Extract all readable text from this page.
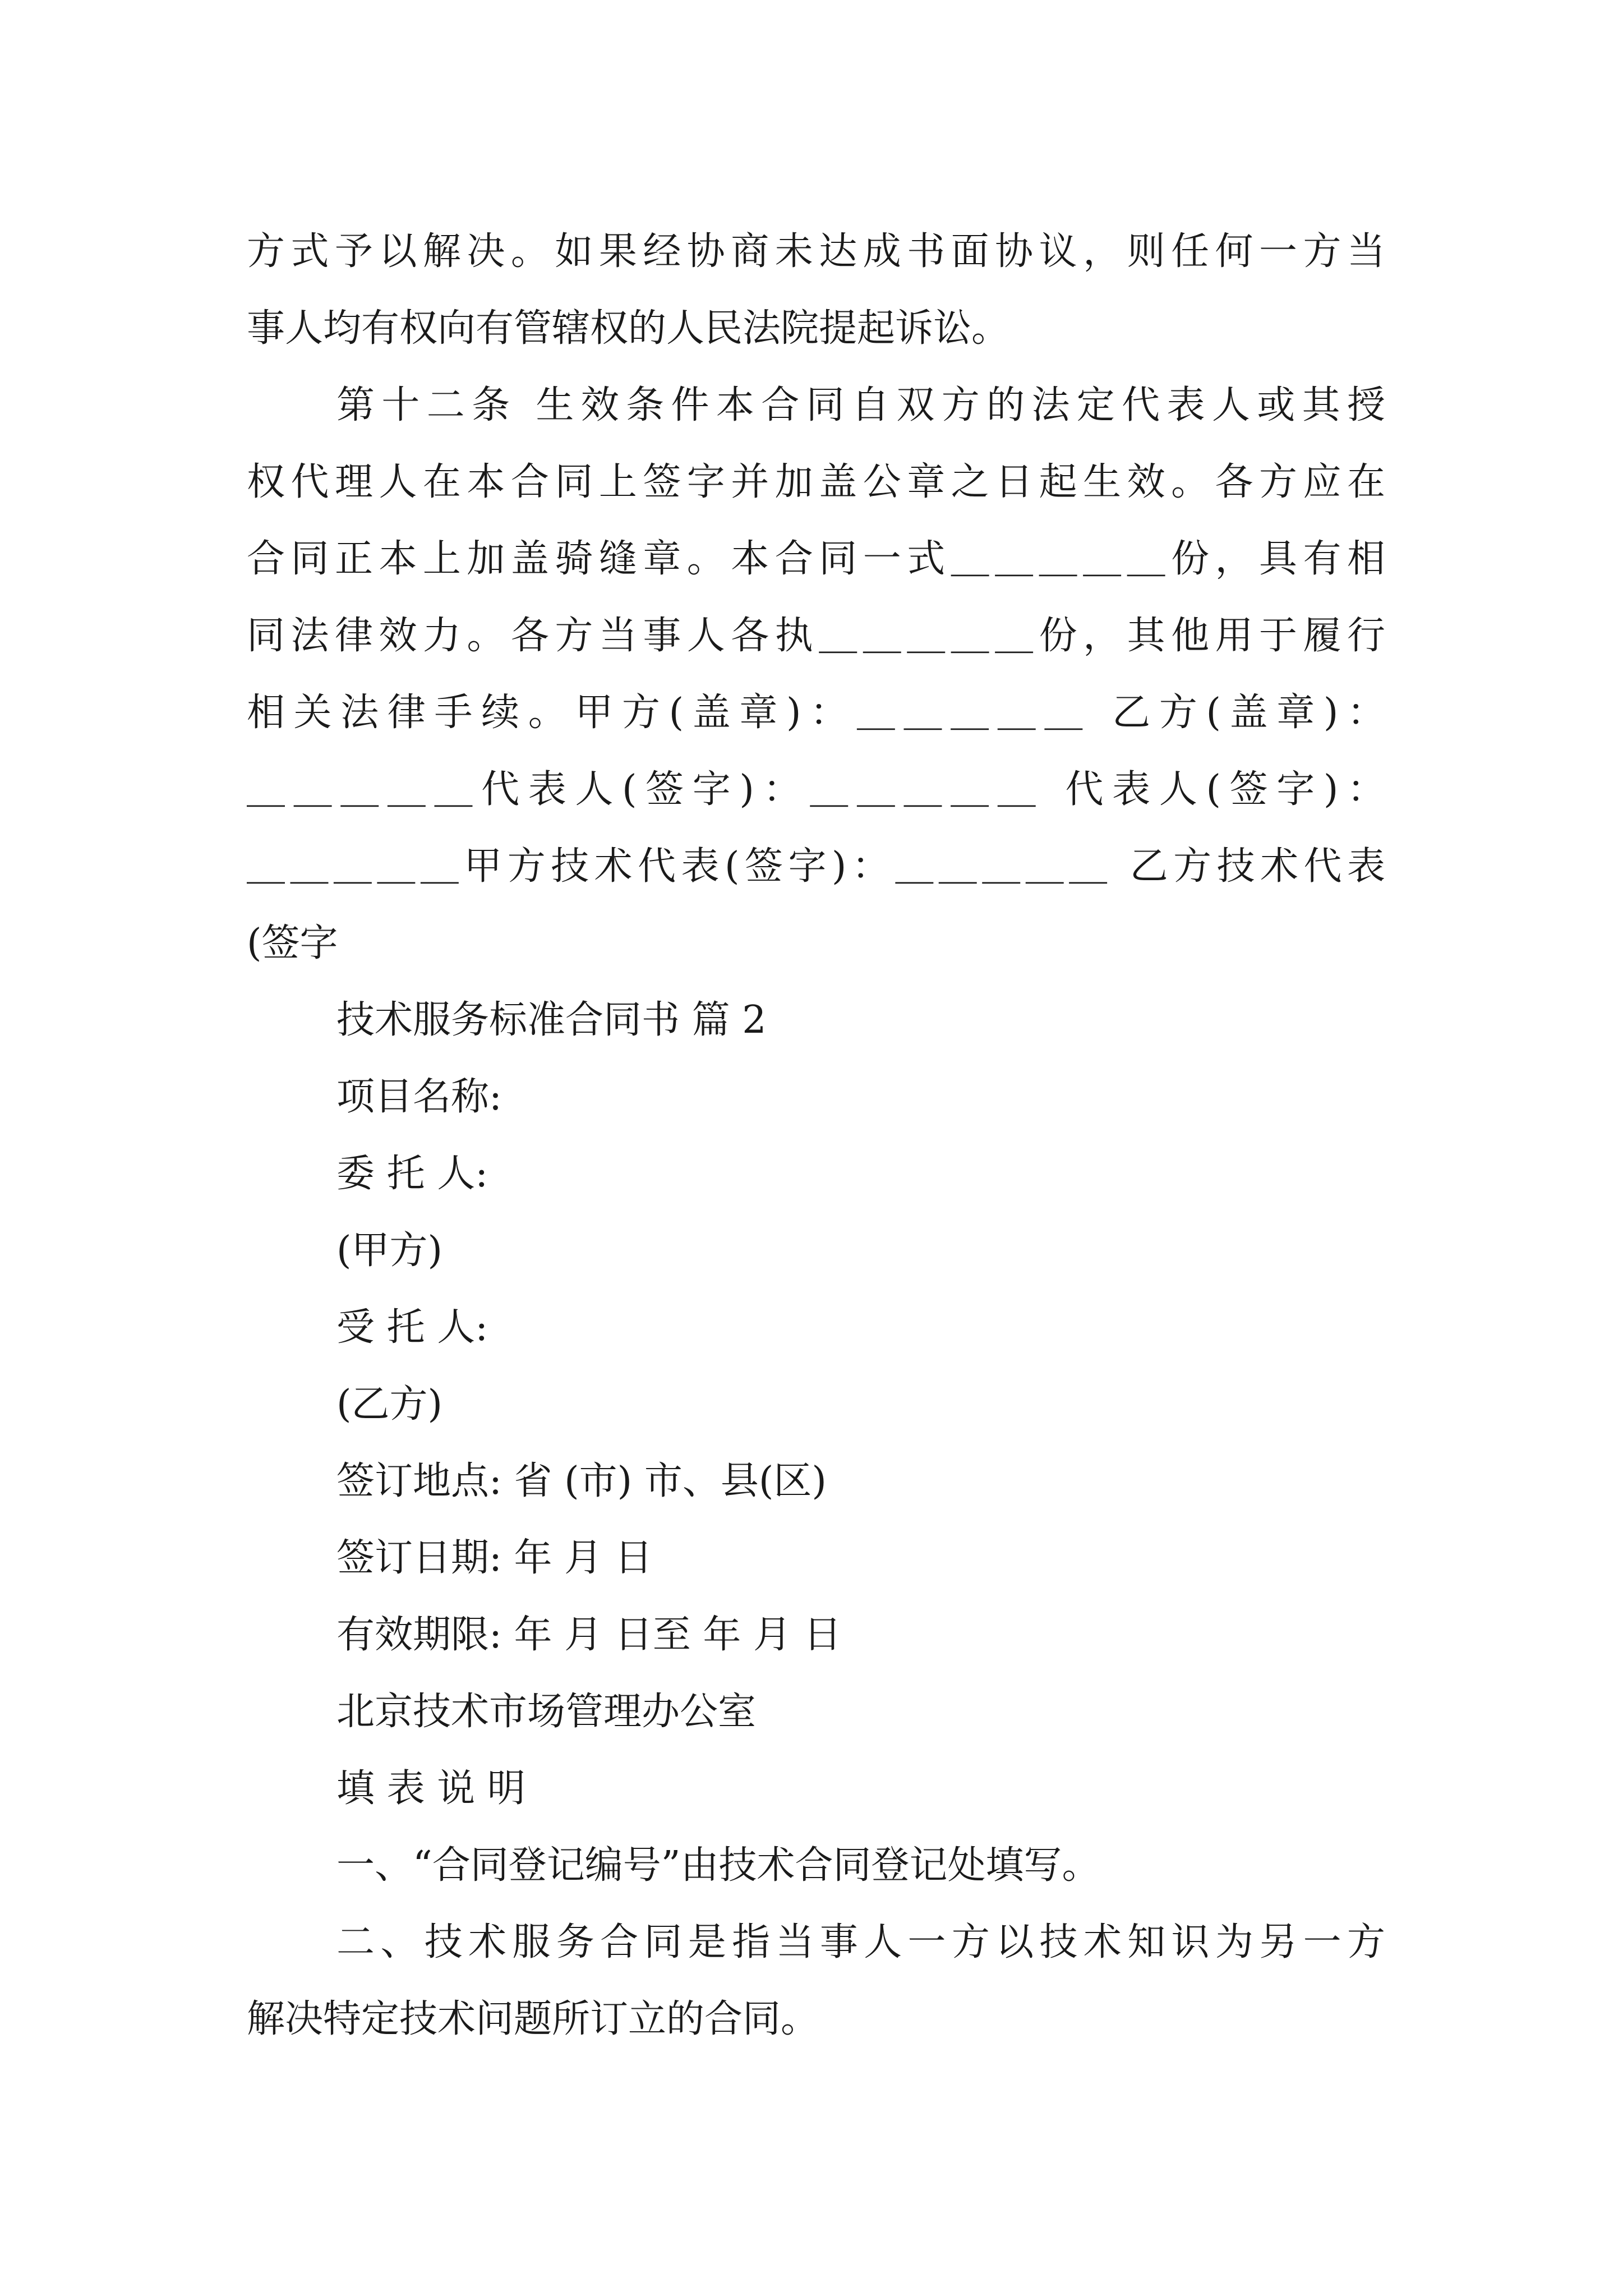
方式予以解决。如果经协商未达成书面协议，则任何一方当
事人均有权向有管辖权的人民法院提起诉讼。
第十二条 生效条件本合同自双方的法定代表人或其授
权代理人在本合同上签字并加盖公章之日起生效。各方应在
合同正本上加盖骑缝章。本合同一式＿＿＿＿＿份，具有相
同法律效力。各方当事人各执＿＿＿＿＿份，其他用于履行
相关法律手续。甲方(盖章)：＿＿＿＿＿ 乙方(盖章)：
＿＿＿＿＿代表人(签字)：＿＿＿＿＿ 代表人(签字)：
＿＿＿＿＿甲方技术代表(签字)：＿＿＿＿＿ 乙方技术代表
(签字
技术服务标准合同书 篇 2
项目名称:
委 托 人:
(甲方)
受 托 人:
(乙方)
签订地点: 省 (市) 市、县(区)
签订日期: 年 月 日
有效期限: 年 月 日至 年 月 日
北京技术市场管理办公室
填 表 说 明
一、“合同登记编号”由技术合同登记处填写。
二、技术服务合同是指当事人一方以技术知识为另一方
解决特定技术问题所订立的合同。
